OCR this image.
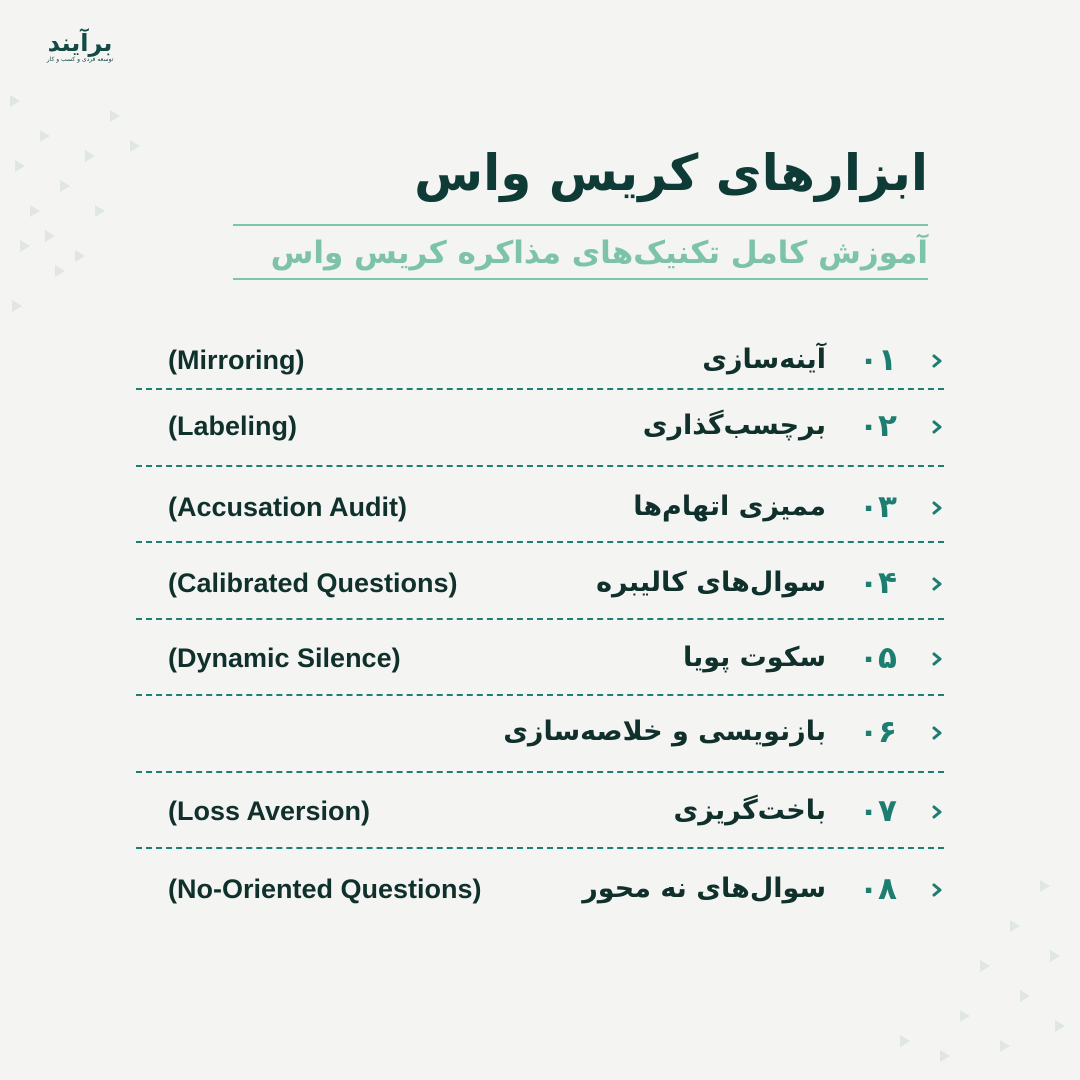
برآیند
توسعه فردی و کسب و کار
ابزارهای کریس واس
آموزش کامل تکنیک‌های مذاکره کریس واس
۰۱
آینه‌سازی
(Mirroring)
۰۲
برچسب‌گذاری
(Labeling)
۰۳
ممیزی اتهام‌ها
(Accusation Audit)
۰۴
سوال‌های کالیبره
(Calibrated Questions)
۰۵
سکوت پویا
(Dynamic Silence)
۰۶
بازنویسی و خلاصه‌سازی
۰۷
باخت‌گریزی
(Loss Aversion)
۰۸
سوال‌های نه محور
(No-Oriented Questions)
